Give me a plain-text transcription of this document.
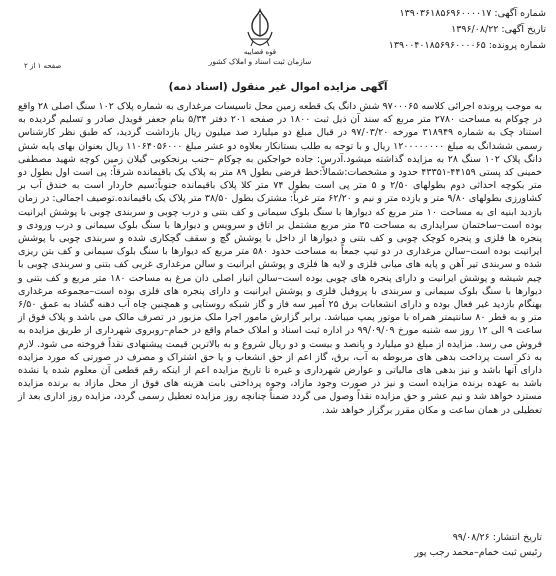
شماره آگهی: ۱۳۹۰۳۶۱۸۵۶۹۶۰۰۰۰۱۷
تاریخ آگهی: ۱۳۹۶/۰۸/۲۲
شماره پرونده: ۱۳۹۰۰۴۰۱۸۵۶۹۶۰۰۰۰۶۵
قوه قضاییه
سازمان ثبت اسناد و املاک کشور
صفحه ۱ از ۲
آگهی مزایده اموال غیر منقول (اسناد ذمه)
به موجب پرونده اجرائی کلاسه ۹۷۰۰۰۶۵ شش دانگ یک قطعه زمین محل تاسیسات مرغداری به شماره پلاک ۱۰۲ سنگ اصلی ۲۸ واقع در چوکام به مساحت ۲۷۸۰ متر مربع که سند آن ذیل ثبت ۱۸۰۰ در صفحه ۲۰۱ دفتر ۵/۳۴ بنام جعفر قویدل صادر و تسلیم گردیده به استناد چک به شماره ۳۱۸۹۴۹ مورخه ۹۷/۰۳/۲۰ در قبال مبلغ دو میلیارد صد میلیون ریال بازداشت گردید، که طبق نظر کارشناس رسمی ششدانگ به مبلغ ۱۲۰۰۰۰۰۰۰۰ ریال و با توجه به طلب بستانکار بعلاوه دو عشر مبلغ ۱۱۰۶۴۰۵۶۰۰۰ ریال بعنوان بهای پایه شش دانگ پلاک ۱۰۲ سنگ ۲۸ به مزایده گذاشته میشود.آدرس: جاده خواجکین به چوکام –جنب برنجکوبی گیلان زمین کوچه شهید مصطفی خمینی کد پستی ۴۴۱۵۹-۴۳۳۵۱ حدود و مشخصات:شمالاً:خط فرضی بطول ۸۹ متر به پلاک یک باقیمانده شرقاً: پی است اول بطول دو متر بکوچه احداثی دوم بطولهای ۲/۵۰ و ۵ متر پی است بطول ۷۴ متر کلا پلاک باقیمانده جنوباً:سیم خاردار است به خندق آب بر کشاورزی بطولهای ۹/۸۰ متر و یازده متر و نیم و ۶۲/۲۰ متر غرباً: مشترک بطول ۳۸/۵۰ متر پلاک یک باقیمانده.توصیف اجمالی: در زمان بازدید ابنیه ای به مساحت ۱۰ متر مربع که دیوارها با سنگ بلوک سیمانی و کف بتنی و درب چوبی و سربندی چوبی با پوشش ایرانیت بوده است–ساختمان سرایداری به مساحت ۳۵ متر مربع مشتمل بر اتاق و سرویس و دیوارها با سنگ بلوک سیمانی و درب ورودی و پنجره ها فلزی و پنجره کوچک چوبی و کف بتنی و دیوارها از داخل با پوشش گچ و سقف گچکاری شده و سربندی چوبی با پوشش ایرانیت بوده است–سالن مرغداری در دو تیپ جمعاً به مساحت حدود ۵۸۰ متر مربع که دیوارها با سنگ بلوک سیمانی و کف بتن ریزی شده و سربندی تیر آهن و پایه های میانی فلزی و لایه ها فلزی و پوشش ایرانیت و سالن مرغداری غربی کف بتنی و سربندی چوبی با چیم شیشه و پوشش ایرانیت و دارای پنجره های چوبی بوده است–سالن انبار اصلی دان مرغ به مساحت ۱۸۰ متر مربع و کف بتنی و دیوارها با سنگ بلوک سیمانی و سربندی با پروفیل فلزی و پوشش ایرانیت و دارای پنجره های فلزی بوده است–مجموعه مرغداری بهنگام بازدید غیر فعال بوده و دارای انشعابات برق ۲۵ آمپر سه فاز و گاز شبکه روستایی و همچنین چاه آب دهنه گشاد به عمق ۶/۵۰ متر و به قطر ۸۰ سانتیمتر همراه با موتور پمپ میباشد. برابر گزارش مامور اجرا ملک مزبور در تصرف مالک می باشد و پلاک فوق از ساعت ۹ الی ۱۲ روز سه شنبه مورخ ۹۹/۰۹/۰۹ در اداره ثبت اسناد و املاک خمام واقع در خمام–روبروی شهرداری از طریق مزایده به فروش می رسد. مزایده از مبلغ دو میلیارد و پانصد و بیست و دو ریال شروع و به بالاترین قیمت پیشنهادی نقداً فروخته می شود. لازم به ذکر است پرداخت بدهی های مربوطه به آب، برق، گاز اعم از حق انشعاب و یا حق اشتراک و مصرف در صورتی که مورد مزایده دارای آنها باشد و نیز بدهی های مالیاتی و عوارض شهرداری و غیره تا تاریخ مزایده اعم از اینکه رقم قطعی آن معلوم شده یا نشده باشد به عهده برنده مزایده است و نیز در صورت وجود مازاد، وجوه پرداختی بابت هزینه های فوق از محل مازاد به برنده مزایده مسترد خواهد شد و نیم عشر و حق مزایده نقداً وصول می گردد ضمناً چنانچه روز مزایده تعطیل رسمی گردد، مزایده روز اداری بعد از تعطیلی در همان ساعت و مکان مقرر برگزار خواهد شد.
تاریخ انتشار: ۹۹/۰۸/۲۶
رئیس ثبت خمام–محمد رجب پور
